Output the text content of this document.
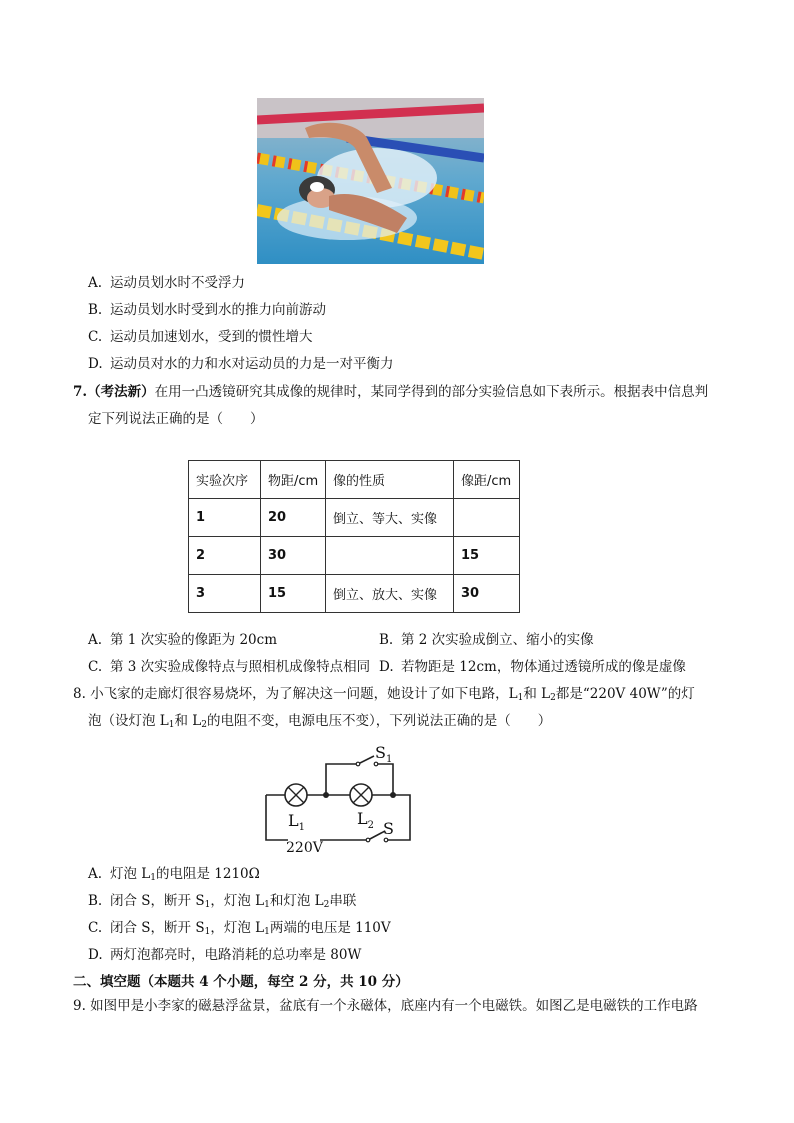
A. 运动员划水时不受浮力
B. 运动员划水时受到水的推力向前游动
C. 运动员加速划水，受到的惯性增大
D. 运动员对水的力和水对运动员的力是一对平衡力
7.（考法新）在用一凸透镜研究其成像的规律时，某同学得到的部分实验信息如下表所示。根据表中信息判
定下列说法正确的是（　　）
实验次序	物距/cm	像的性质	像距/cm
1	20	倒立、等大、实像	
2	30		15
3	15	倒立、放大、实像	30
A. 第 1 次实验的像距为 20cm	B. 第 2 次实验成倒立、缩小的实像
C. 第 3 次实验成像特点与照相机成像特点相同 D. 若物距是 12cm，物体通过透镜所成的像是虚像
8. 小飞家的走廊灯很容易烧坏，为了解决这一问题，她设计了如下电路，$L_1$和 $L_2$都是“220V 40W”的灯
泡（设灯泡 $L_1$和 $L_2$的电阻不变，电源电压不变），下列说法正确的是（　　）
$S_1$
$L_1$	$L_2$ S
220V
A. 灯泡 $L_1$的电阻是 1210Ω
B. 闭合 S，断开 $S_1$，灯泡 $L_1$和灯泡 $L_2$串联
C. 闭合 S，断开 $S_1$，灯泡 $L_1$两端的电压是 110V
D. 两灯泡都亮时，电路消耗的总功率是 80W
二、填空题（本题共 4 个小题，每空 2 分，共 10 分）
9. 如图甲是小李家的磁悬浮盆景，盆底有一个永磁体，底座内有一个电磁铁。如图乙是电磁铁的工作电路
